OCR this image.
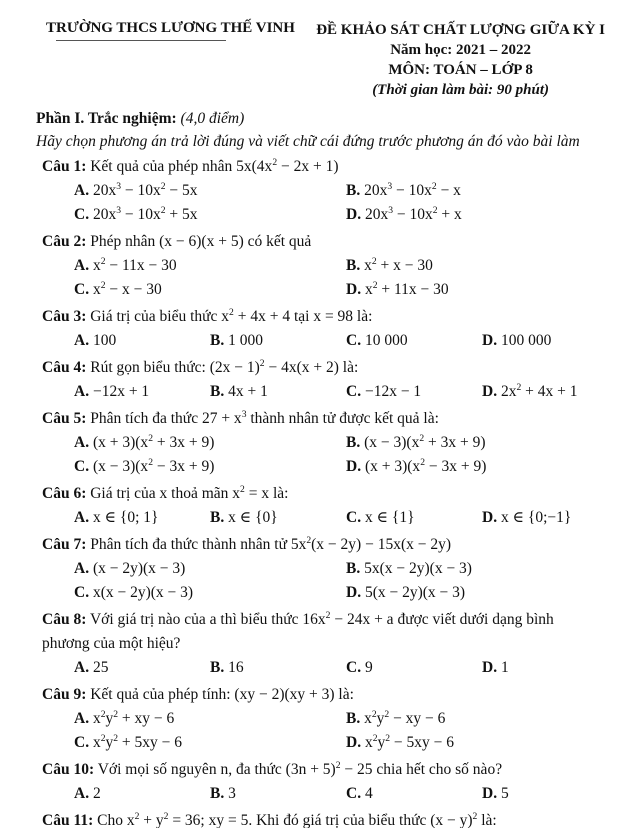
TRƯỜNG THCS LƯƠNG THẾ VINH ĐỀ KHẢO SÁT CHẤT LƯỢNG GIỮA KỲ I
Năm học: 2021 – 2022
MÔN: TOÁN – LỚP 8
(Thời gian làm bài: 90 phút)
Phần I. Trắc nghiệm: (4,0 điểm)
Hãy chọn phương án trả lời đúng và viết chữ cái đứng trước phương án đó vào bài làm
Câu 1: Kết quả của phép nhân $5x(4x^2 - 2x + 1)$
A. $20x^3 - 10x^2 - 5x$	B. $20x^3 - 10x^2 - x$
C. $20x^3 - 10x^2 + 5x$	D. $20x^3 - 10x^2 + x$
Câu 2: Phép nhân (x − 6)(x + 5) có kết quả
A. $x^2 - 11x - 30$	B. $x^2 + x - 30$
C. $x^2 - x - 30$	D. $x^2 + 11x - 30$
Câu 3: Giá trị của biểu thức $x^2 + 4x + 4$ tại x = 98 là:
A. 100	B. 1 000	C. 10 000	D. 100 000
Câu 4: Rút gọn biểu thức: $(2x - 1)^2 - 4x(x + 2)$ là:
A. −12x + 1	B. 4x + 1	C. −12x − 1	D. $2x^2 + 4x + 1$
Câu 5: Phân tích đa thức $27 + x^3$ thành nhân tử được kết quả là:
A. $(x + 3)(x^2 + 3x + 9)$	B. $(x - 3)(x^2 + 3x + 9)$
C. $(x - 3)(x^2 - 3x + 9)$	D. $(x + 3)(x^2 - 3x + 9)$
Câu 6: Giá trị của x thoả mãn $x^2 = x$ là:
A. x ∈ {0; 1}	B. x ∈ {0}	C. x ∈ {1}	D. x ∈ {0;−1}
Câu 7: Phân tích đa thức thành nhân tử $5x^2(x - 2y) - 15x(x - 2y)$
A. (x − 2y)(x − 3)	B. 5x(x − 2y)(x − 3)
C. x(x − 2y)(x − 3)	D. 5(x − 2y)(x − 3)
Câu 8: Với giá trị nào của a thì biểu thức $16x^2 - 24x + a$ được viết dưới dạng bình phương của một hiệu?
A. 25	B. 16	C. 9	D. 1
Câu 9: Kết quả của phép tính: (xy − 2)(xy + 3) là:
A. $x^2y^2$ + xy − 6	B. $x^2y^2$ − xy − 6
C. $x^2y^2 + 5xy - 6$	D. $x^2y^2 - 5xy - 6$
Câu 10: Với mọi số nguyên n, đa thức $(3n + 5)^2 - 25$ chia hết cho số nào?
A. 2	B. 3	C. 4	D. 5
Câu 11: Cho $x^2 + y^2 = 36$; xy = 5. Khi đó giá trị của biểu thức $(x - y)^2$ là:
